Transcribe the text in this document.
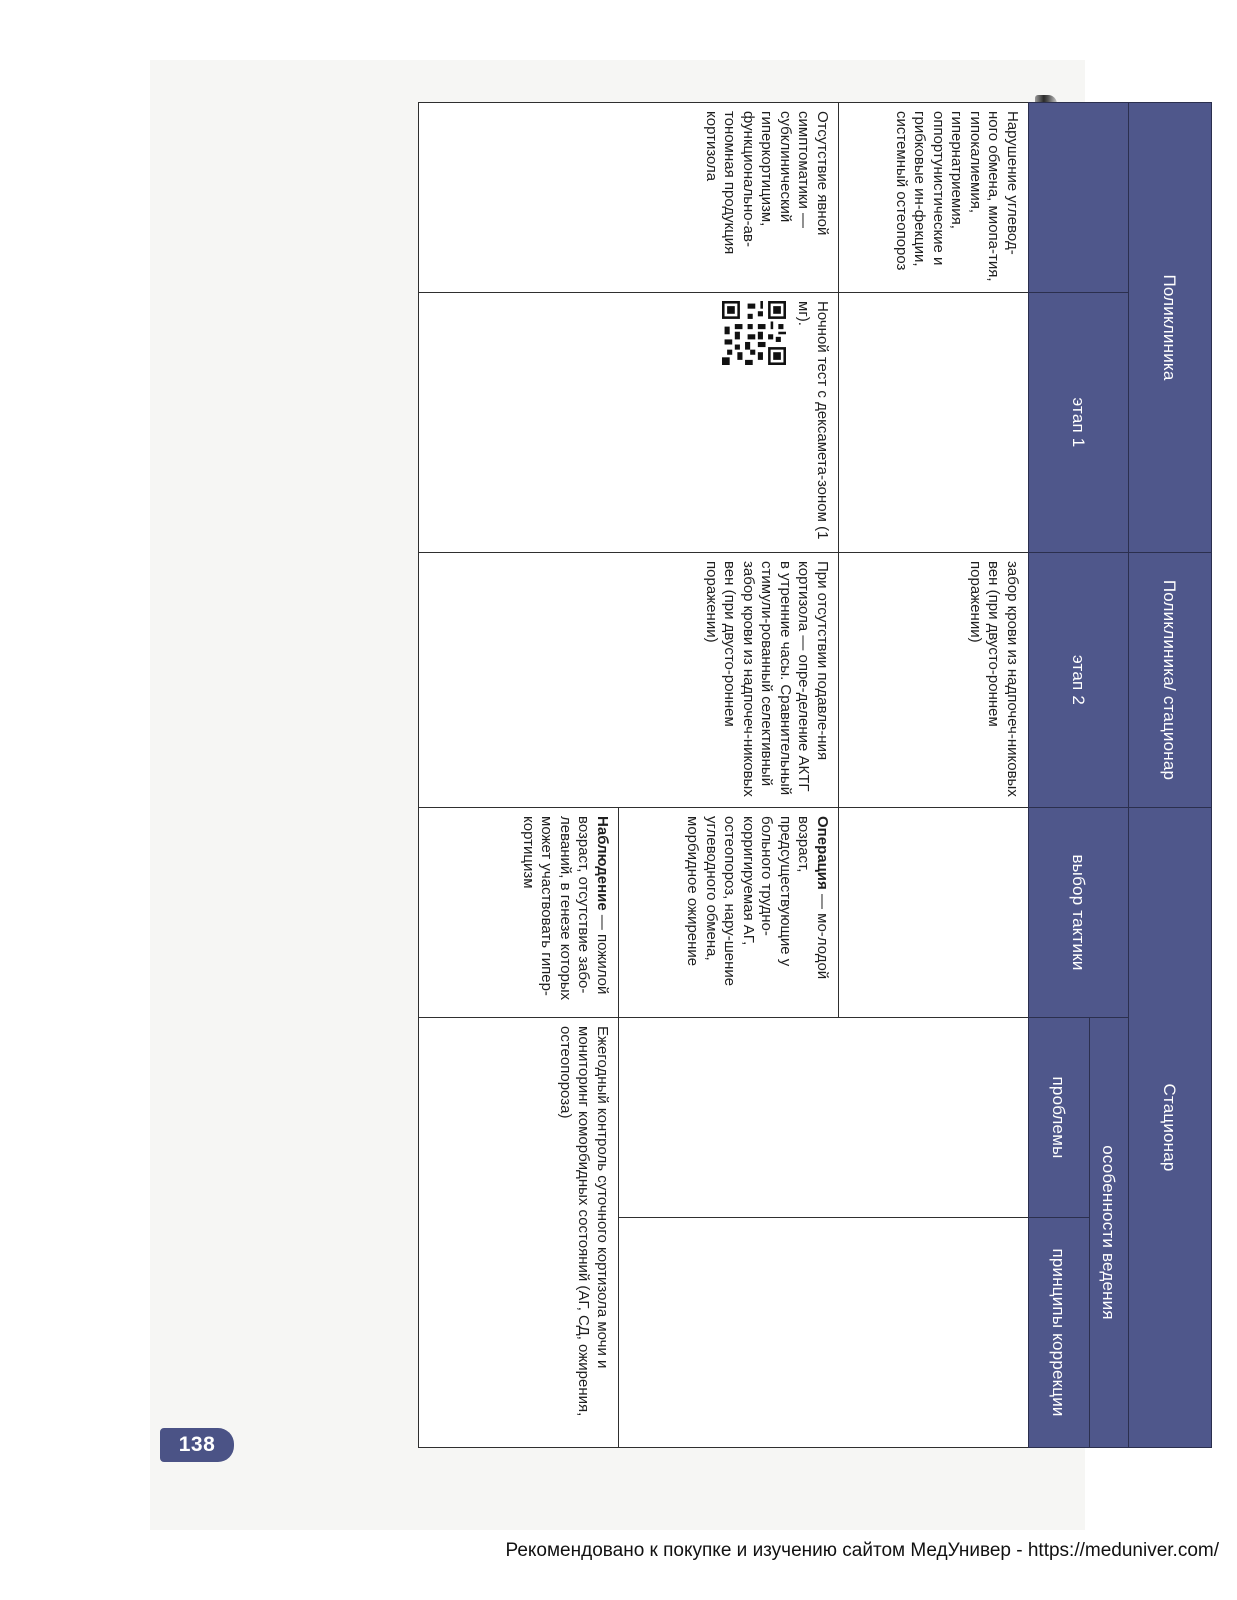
138
Поликлиника		Поликлиника/ стационар	Стационар		
	этап 1	этап 2	выбор тактики	особенности ведения	
				проблемы	принципы коррекции
Нарушение углевод-ного обмена, миопа-тия, гипокалиемия, гипернатриемия, оппортунистические и грибковые ин-фекции, системный остеопороз		забор крови из надпочеч-никовых вен (при двусто-роннем поражении)			
Отсутствие явной симптоматики — субклинический гиперкортицизм, функционально-ав-тономная продукция кортизола	Ночной тест с дексамета-зоном (1 мг).	При отсутствии подавле-ния кортизола — опре-деление АКТГ в утренние часы. Сравнительный стимули-рованный селективный забор крови из надпочеч-никовых вен (при двусто-роннем поражении)	Операция — мо-лодой возраст, предсуществующие у больного трудно-корригируемая АГ, остеопороз, нару-шение углеводного обмена, морбидное ожирение		
			Наблюдение — пожилой возраст, отсутствие забо-леваний, в генезе которых может участвовать гипер-кортицизм	Ежегодный контроль суточного кортизола мочи и мониторинг коморбидных состояний (АГ, СД, ожирения, остеопороза)	
Рекомендовано к покупке и изучению сайтом МедУнивер - https://meduniver.com/
